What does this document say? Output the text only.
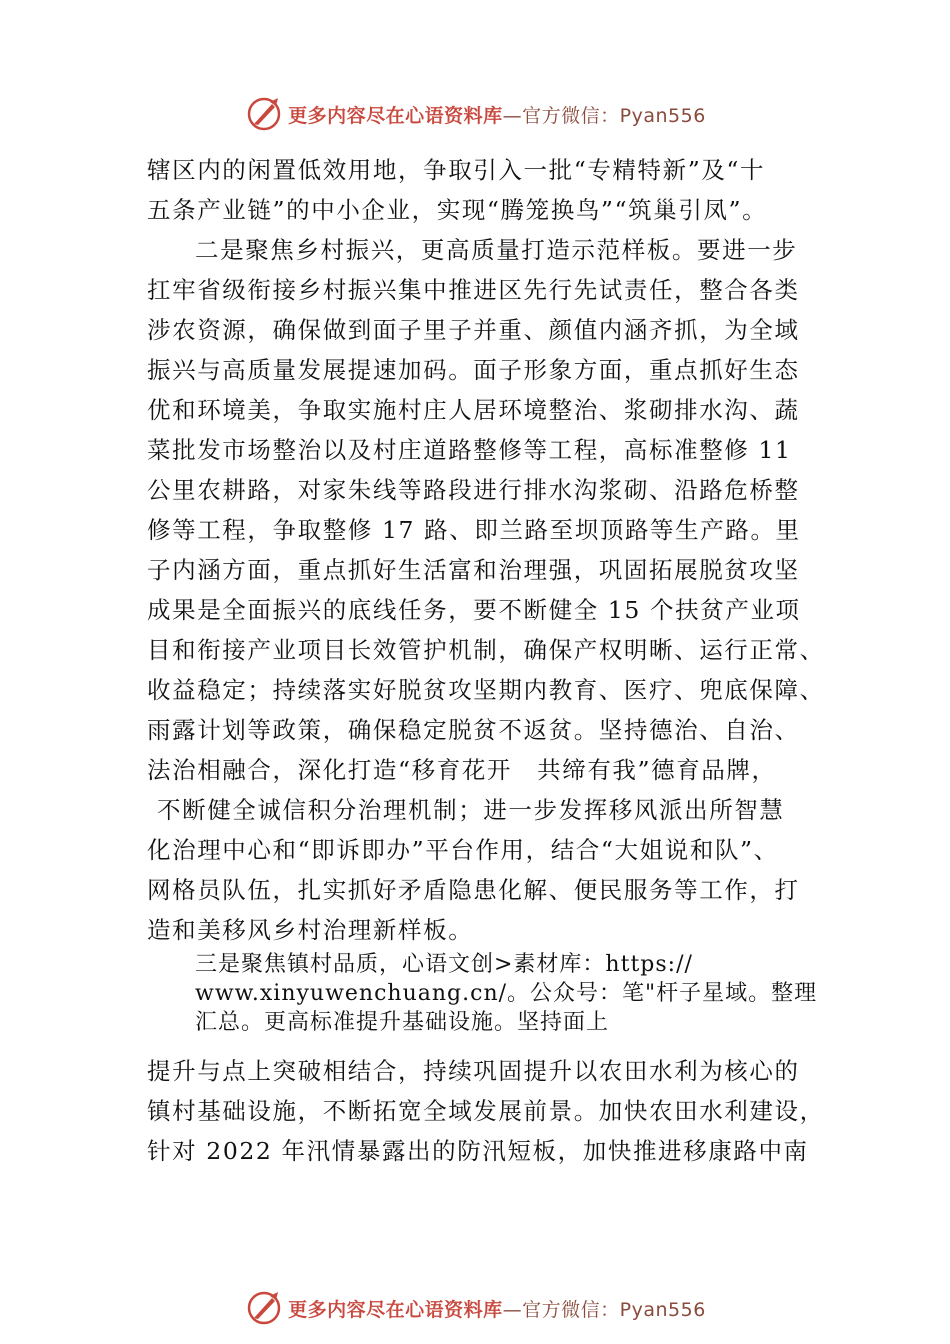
更多内容尽在心语资料库 —官方微信：Pyan556
辖区内的闲置低效用地，争取引入一批“专精特新”及“十
五条产业链”的中小企业，实现“腾笼换鸟”“筑巢引凤”。
二是聚焦乡村振兴，更高质量打造示范样板。要进一步
扛牢省级衔接乡村振兴集中推进区先行先试责任，整合各类
涉农资源，确保做到面子里子并重、颜值内涵齐抓，为全域
振兴与高质量发展提速加码。面子形象方面，重点抓好生态
优和环境美，争取实施村庄人居环境整治、浆砌排水沟、蔬
菜批发市场整治以及村庄道路整修等工程，高标准整修 11
公里农耕路，对家朱线等路段进行排水沟浆砌、沿路危桥整
修等工程，争取整修 17 路、即兰路至坝顶路等生产路。里
子内涵方面，重点抓好生活富和治理强，巩固拓展脱贫攻坚
成果是全面振兴的底线任务，要不断健全 15 个扶贫产业项
目和衔接产业项目长效管护机制，确保产权明晰、运行正常、
收益稳定；持续落实好脱贫攻坚期内教育、医疗、兜底保障、
雨露计划等政策，确保稳定脱贫不返贫。坚持德治、自治、
法治相融合，深化打造“移育花开　共缔有我”德育品牌，
不断健全诚信积分治理机制；进一步发挥移风派出所智慧
化治理中心和“即诉即办”平台作用，结合“大姐说和队”、
网格员队伍，扎实抓好矛盾隐患化解、便民服务等工作，打
造和美移风乡村治理新样板。
三是聚焦镇村品质，心语文创>素材库：https://
www.xinyuwenchuang.cn/。公众号：笔"杆子星域。整理
汇总。更高标准提升基础设施。坚持面上
提升与点上突破相结合，持续巩固提升以农田水利为核心的
镇村基础设施，不断拓宽全域发展前景。加快农田水利建设，
针对 2022 年汛情暴露出的防汛短板，加快推进移康路中南
更多内容尽在心语资料库 —官方微信：Pyan556
